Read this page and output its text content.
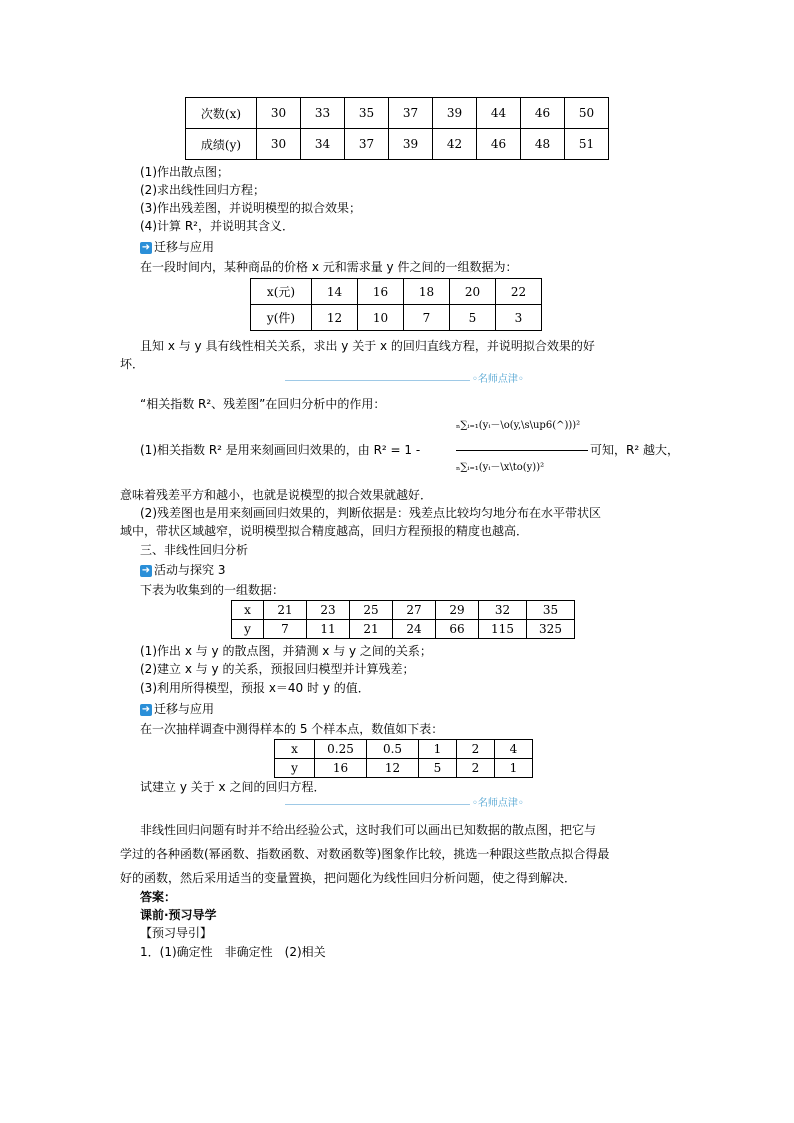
次数(x)	30	33	35	37	39	44	46	50
成绩(y)	30	34	37	39	42	46	48	51
(1)作出散点图；
(2)求出线性回归方程；
(3)作出残差图，并说明模型的拟合效果；
(4)计算 R²，并说明其含义．
➜ 迁移与应用
在一段时间内，某种商品的价格 x 元和需求量 y 件之间的一组数据为：
x(元)	14	16	18	20	22
y(件)	12	10	7	5	3
且知 x 与 y 具有线性相关关系，求出 y 关于 x 的回归直线方程，并说明拟合效果的好
坏．
◦名师点津◦
“相关指数 R²、残差图”在回归分析中的作用：
ₙ∑ᵢ₌₁(yᵢ－\o(y,\s\up6(^)))²
(1)相关指数 R² 是用来刻画回归效果的，由 R² = 1 -	可知，R² 越大，
ₙ∑ᵢ₌₁(yᵢ－\x\to(y))²
意味着残差平方和越小，也就是说模型的拟合效果就越好．
(2)残差图也是用来刻画回归效果的，判断依据是：残差点比较均匀地分布在水平带状区
域中，带状区域越窄，说明模型拟合精度越高，回归方程预报的精度也越高．
三、非线性回归分析
➜ 活动与探究 3
下表为收集到的一组数据：
x	21	23	25	27	29	32	35
y	7	11	21	24	66	115	325
(1)作出 x 与 y 的散点图，并猜测 x 与 y 之间的关系；
(2)建立 x 与 y 的关系，预报回归模型并计算残差；
(3)利用所得模型，预报 x＝40 时 y 的值．
➜ 迁移与应用
在一次抽样调查中测得样本的 5 个样本点，数值如下表：
x	0.25	0.5	1	2	4
y	16	12	5	2	1
试建立 y 关于 x 之间的回归方程．
◦名师点津◦
非线性回归问题有时并不给出经验公式，这时我们可以画出已知数据的散点图，把它与
学过的各种函数(幂函数、指数函数、对数函数等)图象作比较，挑选一种跟这些散点拟合得最
好的函数，然后采用适当的变量置换，把问题化为线性回归分析问题，使之得到解决．
答案：
课前·预习导学
【预习导引】
1．(1)确定性　非确定性　(2)相关
